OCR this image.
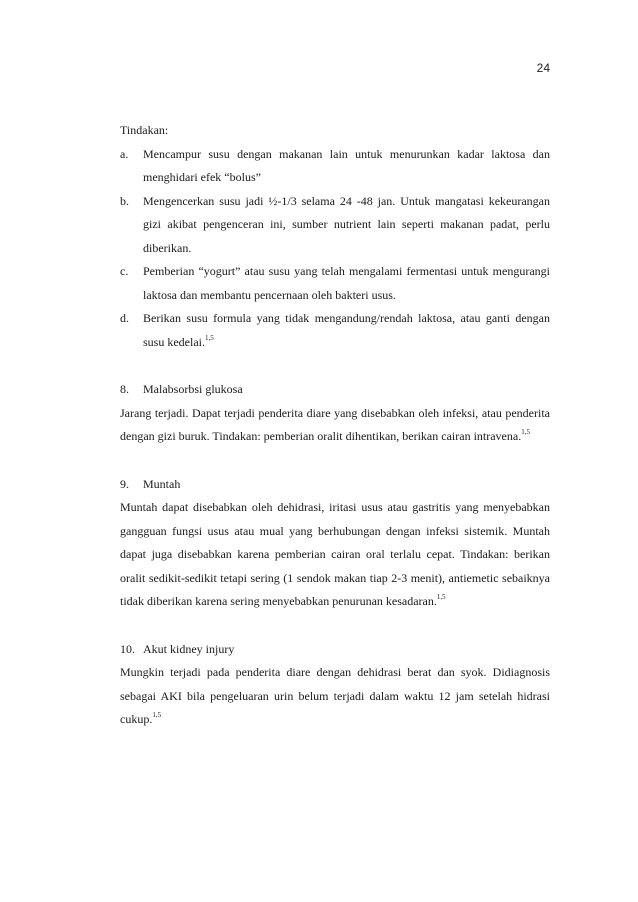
24

Tindakan:

a. Mencampur susu dengan makanan lain untuk menurunkan kadar laktosa dan menghidari efek “bolus”
b. Mengencerkan susu jadi ½-1/3 selama 24 -48 jan. Untuk mangatasi kekeurangan gizi akibat pengenceran ini, sumber nutrient lain seperti makanan padat, perlu diberikan.
c. Pemberian “yogurt” atau susu yang telah mengalami fermentasi untuk mengurangi laktosa dan membantu pencernaan oleh bakteri usus.
d. Berikan susu formula yang tidak mengandung/rendah laktosa, atau ganti dengan susu kedelai.$^{1,5}$

8. Malabsorbsi glukosa

Jarang terjadi. Dapat terjadi penderita diare yang disebabkan oleh infeksi, atau penderita dengan gizi buruk. Tindakan: pemberian oralit dihentikan, berikan cairan intravena.$^{1,5}$

9. Muntah

Muntah dapat disebabkan oleh dehidrasi, iritasi usus atau gastritis yang menyebabkan gangguan fungsi usus atau mual yang berhubungan dengan infeksi sistemik. Muntah dapat juga disebabkan karena pemberian cairan oral terlalu cepat. Tindakan: berikan oralit sedikit-sedikit tetapi sering (1 sendok makan tiap 2-3 menit), antiemetic sebaiknya tidak diberikan karena sering menyebabkan penurunan kesadaran.$^{1,5}$

10. Akut kidney injury

Mungkin terjadi pada penderita diare dengan dehidrasi berat dan syok. Didiagnosis sebagai AKI bila pengeluaran urin belum terjadi dalam waktu 12 jam setelah hidrasi cukup.$^{1,5}$
